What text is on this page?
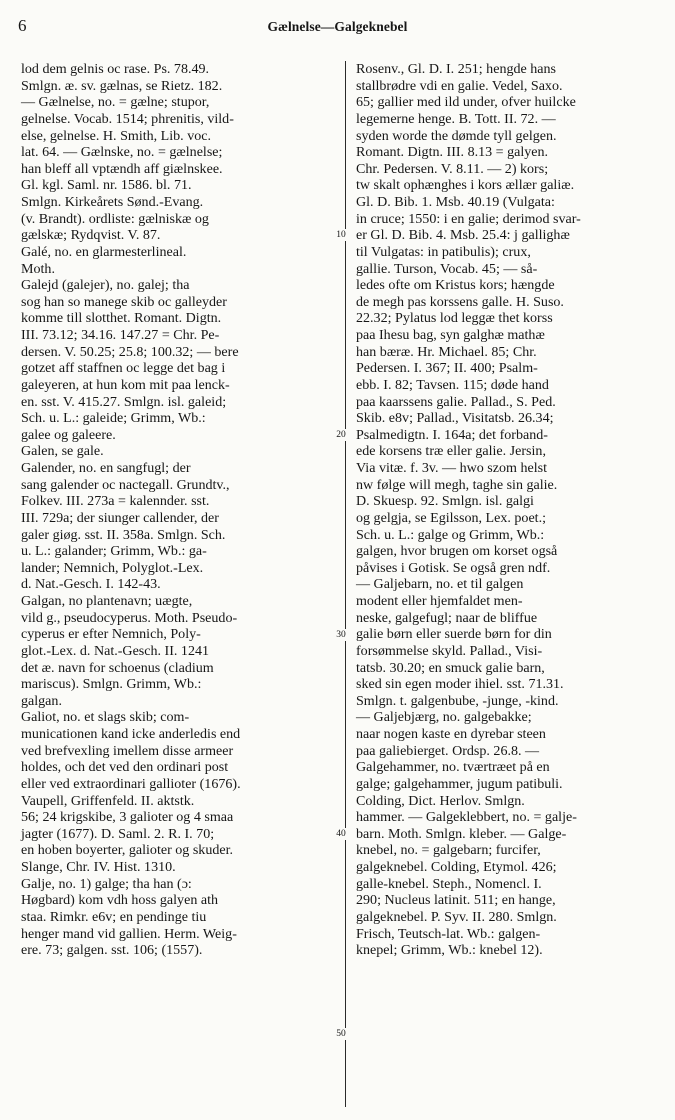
6	Gælnelse—Galgeknebel
lod dem gelnis oc rase. Ps. 78.49.
Smlgn. æ. sv. gælnas, se Rietz. 182.
— Gælnelse, no. = gælne; stupor,
gelnelse. Vocab. 1514; phrenitis, vild-
else, gelnelse. H. Smith, Lib. voc.
lat. 64. — Gælnske, no. = gælnelse;
han bleff all vptændh aff giælnskee.
Gl. kgl. Saml. nr. 1586. bl. 71.
Smlgn. Kirkeårets Sønd.-Evang.
(v. Brandt). ordliste: gælniskæ og
gælskæ; Rydqvist. V. 87.
Galé, no. en glarmesterlineal.
Moth.
Galejd (galejer), no. galej; tha
sog han so manege skib oc galleyder
komme till slotthet. Romant. Digtn.
III. 73.12; 34.16. 147.27 = Chr. Pe-
dersen. V. 50.25; 25.8; 100.32; — bere
gotzet aff staffnen oc legge det bag i
galeyeren, at hun kom mit paa lenck-
en. sst. V. 415.27. Smlgn. isl. galeid;
Sch. u. L.: galeide; Grimm, Wb.:
galee og galeere.
Galen, se gale.
Galender, no. en sangfugl; der
sang galender oc nactegall. Grundtv.,
Folkev. III. 273a = kalennder. sst.
III. 729a; der siunger callender, der
galer giøg. sst. II. 358a. Smlgn. Sch.
u. L.: galander; Grimm, Wb.: ga-
lander; Nemnich, Polyglot.-Lex.
d. Nat.-Gesch. I. 142-43.
Galgan, no plantenavn; uægte,
vild g., pseudocyperus. Moth. Pseudo-
cyperus er efter Nemnich, Poly-
glot.-Lex. d. Nat.-Gesch. II. 1241
det æ. navn for schoenus (cladium
mariscus). Smlgn. Grimm, Wb.:
galgan.
Galiot, no. et slags skib; com-
municationen kand icke anderledis end
ved brefvexling imellem disse armeer
holdes, och det ved den ordinari post
eller ved extraordinari gallioter (1676).
Vaupell, Griffenfeld. II. aktstk.
56; 24 krigskibe, 3 galioter og 4 smaa
jagter (1677). D. Saml. 2. R. I. 70;
en hoben boyerter, galioter og skuder.
Slange, Chr. IV. Hist. 1310.
Galje, no. 1) galge; tha han (ɔ:
Høgbard) kom vdh hoss galyen ath
staa. Rimkr. e6v; en pendinge tiu
henger mand vid gallien. Herm. Weig-
ere. 73; galgen. sst. 106; (1557).
Rosenv., Gl. D. I. 251; hengde hans
stallbrødre vdi en galie. Vedel, Saxo.
65; gallier med ild under, ofver huilcke
legemerne henge. B. Tott. II. 72. —
syden worde the dømde tyll gelgen.
Romant. Digtn. III. 8.13 = galyen.
Chr. Pedersen. V. 8.11. — 2) kors;
tw skalt ophænghes i kors ællær galiæ.
Gl. D. Bib. 1. Msb. 40.19 (Vulgata:
in cruce; 1550: i en galie; derimod svar-
er Gl. D. Bib. 4. Msb. 25.4: j gallighæ
til Vulgatas: in patibulis); crux,
gallie. Turson, Vocab. 45; — så-
ledes ofte om Kristus kors; hængde
de megh pas korssens galle. H. Suso.
22.32; Pylatus lod leggæ thet korss
paa Ihesu bag, syn galghæ mathæ
han bæræ. Hr. Michael. 85; Chr.
Pedersen. I. 367; II. 400; Psalm-
ebb. I. 82; Tavsen. 115; døde hand
paa kaarssens galie. Pallad., S. Ped.
Skib. e8v; Pallad., Visitatsb. 26.34;
Psalmedigtn. I. 164a; det forband-
ede korsens træ eller galie. Jersin,
Via vitæ. f. 3v. — hwo szom helst
nw følge will megh, taghe sin galie.
D. Skuesp. 92. Smlgn. isl. galgi
og gelgja, se Egilsson, Lex. poet.;
Sch. u. L.: galge og Grimm, Wb.:
galgen, hvor brugen om korset også
påvises i Gotisk. Se også gren ndf.
— Galjebarn, no. et til galgen
modent eller hjemfaldet men-
neske, galgefugl; naar de bliffue
galie børn eller suerde børn for din
forsømmelse skyld. Pallad., Visi-
tatsb. 30.20; en smuck galie barn,
sked sin egen moder ihiel. sst. 71.31.
Smlgn. t. galgenbube, -junge, -kind.
— Galjebjærg, no. galgebakke;
naar nogen kaste en dyrebar steen
paa galiebierget. Ordsp. 26.8. —
Galgehammer, no. tværtræet på en
galge; galgehammer, jugum patibuli.
Colding, Dict. Herlov. Smlgn.
hammer. — Galgeklebbert, no. = galje-
barn. Moth. Smlgn. kleber. — Galge-
knebel, no. = galgebarn; furcifer,
galgeknebel. Colding, Etymol. 426;
galle-knebel. Steph., Nomencl. I.
290; Nucleus latinit. 511; en hange,
galgeknebel. P. Syv. II. 280. Smlgn.
Frisch, Teutsch-lat. Wb.: galgen-
knepel; Grimm, Wb.: knebel 12).
10
20
30
40
50
